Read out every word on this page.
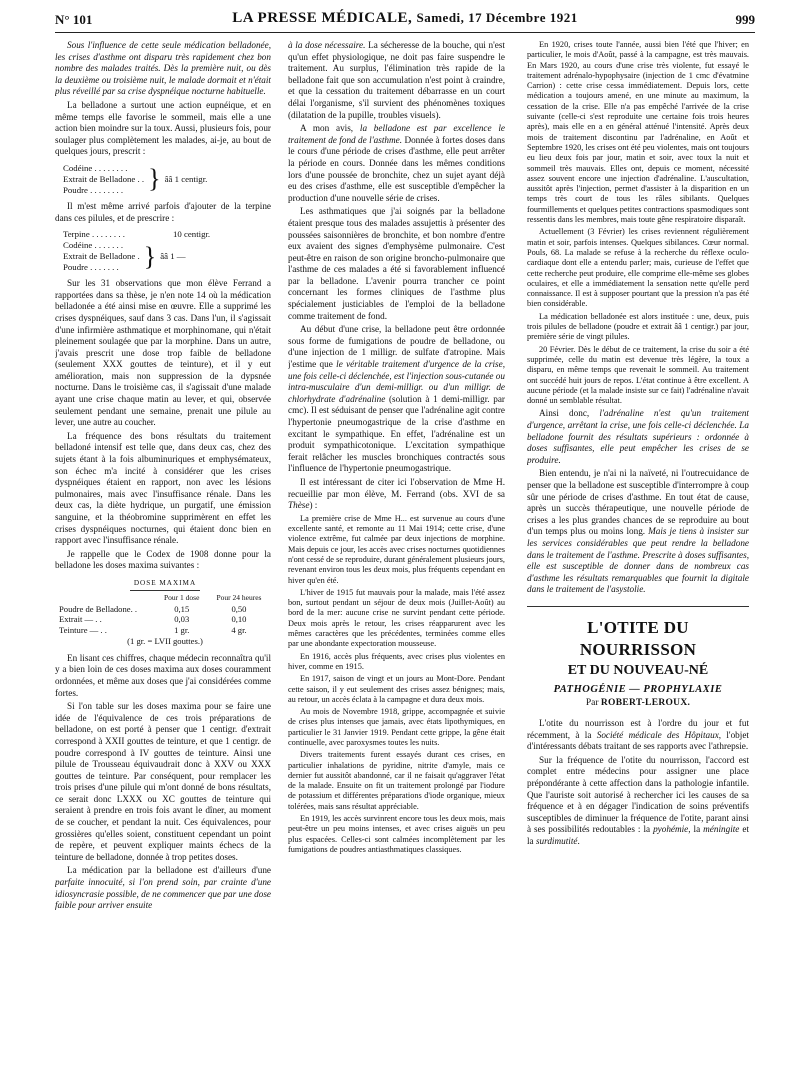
N° 101	LA PRESSE MÉDICALE, Samedi, 17 Décembre 1921	999

Sous l'influence de cette seule médication belladonée, les crises d'asthme ont disparu très rapidement chez bon nombre des malades traités. Dès la première nuit, ou dès la deuxième ou troisième nuit, le malade dormait et n'était plus réveillé par sa crise dyspnéique nocturne habituelle.

La belladone a surtout une action eupnéique, et en même temps elle favorise le sommeil, mais elle a une action bien moindre sur la toux. Aussi, plusieurs fois, pour soulager plus complètement les malades, ai-je, au bout de quelques jours, prescrit :

Codéine . . . . . . . .
Extrait de Belladone . .
Poudre . . . . . . . . } ââ 1 centigr.

Il m'est même arrivé parfois d'ajouter de la terpine dans ces pilules, et de prescrire :

Terpine . . . . . . . .	10 centigr.
Codéine . . . . . . .
Extrait de Belladone .
Poudre . . . . . . . } ââ 1 —

Sur les 31 observations que mon élève Ferrand a rapportées dans sa thèse, je n'en note 14 où la médication belladonée a été ainsi mise en œuvre. Elle a supprimé les crises dyspnéiques, sauf dans 3 cas. Dans l'un, il s'agissait d'une infirmière asthmatique et morphinomane, qui n'était pleinement soulagée que par la morphine. Dans un autre, j'avais prescrit une dose trop faible de belladone (seulement XXX gouttes de teinture), et il y eut amélioration, mais non suppression de la dypsnée nocturne. Dans le troisième cas, il s'agissait d'une malade ayant une crise chaque matin au lever, et qui, observée seulement pendant une semaine, prenait une pilule au lever, une autre au coucher.

La fréquence des bons résultats du traitement belladoné intensif est telle que, dans deux cas, chez des sujets étant à la fois albuminuriques et emphysémateux, son échec m'a incité à considérer que les crises dyspnéiques étaient en rapport, non avec les lésions pulmonaires, mais avec l'insuffisance rénale. Dans les deux cas, la diète hydrique, un purgatif, une émission sanguine, et la théobromine supprimèrent en effet les crises dyspnéiques nocturnes, qui étaient donc bien en rapport avec l'insuffisance rénale.

Je rappelle que le Codex de 1908 donne pour la belladone les doses maxima suivantes :

DOSE MAXIMA
	Pour 1 dose	Pour 24 heures
Poudre de Belladone. .	0,15	0,50
Extrait — . .	0,03	0,10
Teinture — . .	1 gr.	4 gr.
(1 gr. = LVII gouttes.)

En lisant ces chiffres, chaque médecin reconnaîtra qu'il y a bien loin de ces doses maxima aux doses couramment ordonnées, et même aux doses que j'ai considérées comme fortes.

Si l'on table sur les doses maxima pour se faire une idée de l'équivalence de ces trois préparations de belladone, on est porté à penser que 1 centigr. d'extrait correspond à XXII gouttes de teinture, et que 1 centigr. de poudre correspond à IV gouttes de teinture. Ainsi une pilule de Trousseau équivaudrait donc à XXV ou XXX gouttes de teinture. Par conséquent, pour remplacer les trois prises d'une pilule qui m'ont donné de bons résultats, ce serait donc LXXX ou XC gouttes de teinture qui seraient à prendre en trois fois avant le dîner, au moment de se coucher, et pendant la nuit. Ces équivalences, pour grossières qu'elles soient, constituent cependant un point de repère, et peuvent expliquer maints échecs de la teinture de belladone, donnée à trop petites doses.

La médication par la belladone est d'ailleurs d'une parfaite innocuité, si l'on prend soin, par crainte d'une idiosyncrasie possible, de ne commencer que par une dose faible pour arriver ensuite

à la dose nécessaire. La sécheresse de la bouche, qui n'est qu'un effet physiologique, ne doit pas faire suspendre le traitement. Au surplus, l'élimination très rapide de la belladone fait que son accumulation n'est point à craindre, et que la cessation du traitement débarrasse en un court délai l'organisme, s'il survient des phénomènes toxiques (dilatation de la pupille, troubles visuels).

A mon avis, la belladone est par excellence le traitement de fond de l'asthme. Donnée à fortes doses dans le cours d'une période de crises d'asthme, elle peut arrêter la période en cours. Donnée dans les mêmes conditions lors d'une poussée de bronchite, chez un sujet ayant déjà eu des crises d'asthme, elle est susceptible d'empêcher la production d'une nouvelle série de crises.

Les asthmatiques que j'ai soignés par la belladone étaient presque tous des malades assujettis à présenter des poussées saisonnières de bronchite, et bon nombre d'entre eux avaient des signes d'emphysème pulmonaire. C'est peut-être en raison de son origine broncho-pulmonaire que l'asthme de ces malades a été si favorablement influencé par la belladone. L'avenir pourra trancher ce point concernant les formes cliniques de l'asthme plus spécialement justiciables de l'emploi de la belladone comme traitement de fond.

Au début d'une crise, la belladone peut être ordonnée sous forme de fumigations de poudre de belladone, ou d'une injection de 1 milligr. de sulfate d'atropine. Mais j'estime que le véritable traitement d'urgence de la crise, une fois celle-ci déclenchée, est l'injection sous-cutanée ou intra-musculaire d'un demi-milligr. ou d'un milligr. de chlorhydrate d'adrénaline (solution à 1 demi-milligr. par cmc). Il est séduisant de penser que l'adrénaline agit contre l'hypertonie pneumogastrique de la crise d'asthme en excitant le sympathique. En effet, l'adrénaline est un produit sympathicotonique. L'excitation sympathique ferait relâcher les muscles bronchiques contractés sous l'influence de l'hypertonie pneumogastrique.

Il est intéressant de citer ici l'observation de Mme H. recueillie par mon élève, M. Ferrand (obs. XVI de sa Thèse) :

La première crise de Mme H... est survenue au cours d'une excellente santé, et remonte au 11 Mai 1914; cette crise, d'une violence extrême, fut calmée par deux injections de morphine. Mais depuis ce jour, les accès avec crises nocturnes quotidiennes n'ont cessé de se reproduire, durant généralement plusieurs jours, revenant environ tous les deux mois, plus fréquents cependant en hiver qu'en été.

L'hiver de 1915 fut mauvais pour la malade, mais l'été assez bon, surtout pendant un séjour de deux mois (Juillet-Août) au bord de la mer: aucune crise ne survint pendant cette période. Deux mois après le retour, les crises réapparurent avec les mêmes caractères que les précédentes, terminées comme elles par une abondante expectoration mousseuse.

En 1916, accès plus fréquents, avec crises plus violentes en hiver, comme en 1915.

En 1917, saison de vingt et un jours au Mont-Dore. Pendant cette saison, il y eut seulement des crises assez bénignes; mais, au retour, un accès éclata à la campagne et dura deux mois.

Au mois de Novembre 1918, grippe, accompagnée et suivie de crises plus intenses que jamais, avec états lipothymiques, en particulier le 31 Janvier 1919. Pendant cette grippe, la gêne était continuelle, avec paroxysmes toutes les nuits.

Divers traitements furent essayés durant ces crises, en particulier inhalations de pyridine, nitrite d'amyle, mais ce dernier fut aussitôt abandonné, car il ne faisait qu'aggraver l'état de la malade. Ensuite on fit un traitement prolongé par l'iodure de potassium et différentes préparations d'iode organique, mieux tolérées, mais sans résultat appréciable.

En 1919, les accès survinrent encore tous les deux mois, mais peut-être un peu moins intenses, et avec crises aiguës un peu plus espacées. Celles-ci sont calmées incomplètement par les fumigations de poudres antiasthmatiques classiques.

En 1920, crises toute l'année, aussi bien l'été que l'hiver; en particulier, le mois d'Août, passé à la campagne, est très mauvais. En Mars 1920, au cours d'une crise très violente, fut essayé le traitement adrénalo-hypophysaire (injection de 1 cmc d'évatmine Carrion) : cette crise cessa immédiatement. Depuis lors, cette médication a toujours amené, en une minute au maximum, la cessation de la crise. Elle n'a pas empêché l'arrivée de la crise suivante (celle-ci s'est reproduite une certaine fois trois heures après), mais elle en a en général atténué l'intensité. Après deux mois de traitement discontinu par l'adrénaline, en Août et Septembre 1920, les crises ont été peu violentes, mais ont toujours eu lieu deux fois par jour, matin et soir, avec toux la nuit et sommeil très mauvais. Elles ont, depuis ce moment, nécessité assez souvent encore une injection d'adrénaline. L'auscultation, aussitôt après l'injection, permet d'assister à la disparition en un temps très court de tous les râles sibilants. Quelques fourmillements et quelques petites contractions spasmodiques sont ressentis dans les membres, mais toute gêne respiratoire disparaît.

Actuellement (3 Février) les crises reviennent régulièrement matin et soir, parfois intenses. Quelques sibilances. Cœur normal. Pouls, 68. La malade se refuse à la recherche du réflexe oculo-cardiaque dont elle a entendu parler; mais, curieuse de l'effet que cette recherche peut produire, elle comprime elle-même ses globes oculaires, et elle a immédiatement la sensation nette qu'elle perd connaissance. Il est à supposer pourtant que la pression n'a pas été bien considérable.

La médication belladonée est alors instituée : une, deux, puis trois pilules de belladone (poudre et extrait ââ 1 centigr.) par jour, première série de vingt pilules.

20 Février. Dès le début de ce traitement, la crise du soir a été supprimée, celle du matin est devenue très légère, la toux a disparu, en même temps que revenait le sommeil. Au traitement ont succédé huit jours de repos. L'état continue à être excellent. A aucune période (et la malade insiste sur ce fait) l'adrénaline n'avait donné un semblable résultat.

Ainsi donc, l'adrénaline n'est qu'un traitement d'urgence, arrêtant la crise, une fois celle-ci déclenchée. La belladone fournit des résultats supérieurs : ordonnée à doses suffisantes, elle peut empêcher les crises de se produire.

Bien entendu, je n'ai ni la naïveté, ni l'outrecuidance de penser que la belladone est susceptible d'interrompre à coup sûr une période de crises d'asthme. En tout état de cause, après un succès thérapeutique, une nouvelle période de crises a les plus grandes chances de se reproduire au bout d'un temps plus ou moins long. Mais je tiens à insister sur les services considérables que peut rendre la belladone dans le traitement de l'asthme. Prescrite à doses suffisantes, elle est susceptible de donner dans de nombreux cas d'asthme les résultats remarquables que fournit la digitale dans le traitement de l'asystolie.

L'OTITE DU NOURRISSON
ET DU NOUVEAU-NÉ
PATHOGÉNIE — PROPHYLAXIE
Par ROBERT-LEROUX.

L'otite du nourrisson est à l'ordre du jour et fut récemment, à la Société médicale des Hôpitaux, l'objet d'intéressants débats traitant de ses rapports avec l'athrepsie.

Sur la fréquence de l'otite du nourrisson, l'accord est complet entre médecins pour assigner une place prépondérante à cette affection dans la pathologie infantile. Que l'auriste soit autorisé à rechercher ici les causes de sa fréquence et à en dégager l'indication de soins préventifs susceptibles de diminuer la fréquence de l'otite, parant ainsi à ses possibilités redoutables : la pyohémie, la méningite et la surdimutité.
